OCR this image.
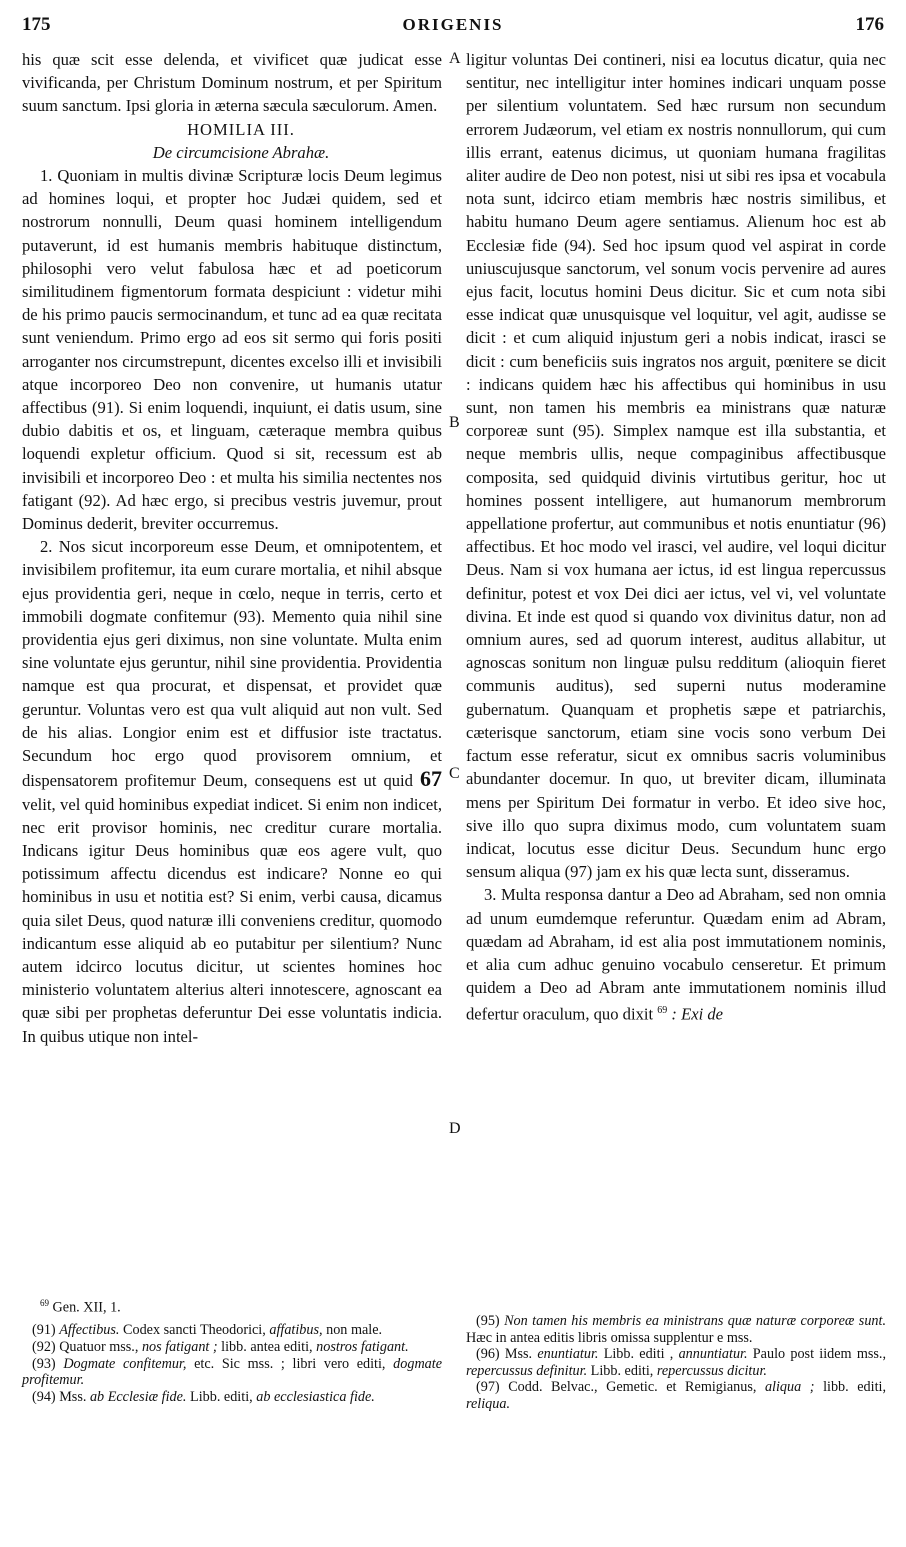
175	ORIGENIS	176

his quæ scit esse delenda, et vivificet quæ judicat esse vivificanda, per Christum Dominum nostrum, et per Spiritum suum sanctum. Ipsi gloria in æterna sæcula sæculorum. Amen.

HOMILIA III.

De circumcisione Abrahæ.

1. Quoniam in multis divinæ Scripturæ locis Deum legimus ad homines loqui, et propter hoc Judæi quidem, sed et nostrorum nonnulli, Deum quasi hominem intelligendum putaverunt, id est humanis membris habituque distinctum, philosophi vero velut fabulosa hæc et ad poeticorum similitudinem figmentorum formata despiciunt : videtur mihi de his primo paucis sermocinandum, et tunc ad ea quæ recitata sunt veniendum. Primo ergo ad eos sit sermo qui foris positi arroganter nos circumstrepunt, dicentes excelso illi et invisibili atque incorporeo Deo non convenire, ut humanis utatur affectibus (91). Si enim loquendi, inquiunt, ei datis usum, sine dubio dabitis et os, et linguam, cæteraque membra quibus loquendi expletur officium. Quod si sit, recessum est ab invisibili et incorporeo Deo : et multa his similia nectentes nos fatigant (92). Ad hæc ergo, si precibus vestris juvemur, prout Dominus dederit, breviter occurremus.

2. Nos sicut incorporeum esse Deum, et omnipotentem, et invisibilem profitemur, ita eum curare mortalia, et nihil absque ejus providentia geri, neque in cœlo, neque in terris, certo et immobili dogmate confitemur (93). Memento quia nihil sine providentia ejus geri diximus, non sine voluntate. Multa enim sine voluntate ejus geruntur, nihil sine providentia. Providentia namque est qua procurat, et dispensat, et providet quæ geruntur. Voluntas vero est qua vult aliquid aut non vult. Sed de his alias. Longior enim est et diffusior iste tractatus. Secundum hoc ergo quod provisorem omnium, et dispensatorem profitemur Deum, consequens est ut quid 67 velit, vel quid hominibus expediat indicet. Si enim non indicet, nec erit provisor hominis, nec creditur curare mortalia. Indicans igitur Deus hominibus quæ eos agere vult, quo potissimum affectu dicendus est indicare? Nonne eo qui hominibus in usu et notitia est? Si enim, verbi causa, dicamus quia silet Deus, quod naturæ illi conveniens creditur, quomodo indicantum esse aliquid ab eo putabitur per silentium? Nunc autem idcirco locutus dicitur, ut scientes homines hoc ministerio voluntatem alterius alteri innotescere, agnoscant ea quæ sibi per prophetas deferuntur Dei esse voluntatis indicia. In quibus utique non intel-

A
B
C
D

ligitur voluntas Dei contineri, nisi ea locutus dicatur, quia nec sentitur, nec intelligitur inter homines indicari unquam posse per silentium voluntatem. Sed hæc rursum non secundum errorem Judæorum, vel etiam ex nostris nonnullorum, qui cum illis errant, eatenus dicimus, ut quoniam humana fragilitas aliter audire de Deo non potest, nisi ut sibi res ipsa et vocabula nota sunt, idcirco etiam membris hæc nostris similibus, et habitu humano Deum agere sentiamus. Alienum hoc est ab Ecclesiæ fide (94). Sed hoc ipsum quod vel aspirat in corde uniuscujusque sanctorum, vel sonum vocis pervenire ad aures ejus facit, locutus homini Deus dicitur. Sic et cum nota sibi esse indicat quæ unusquisque vel loquitur, vel agit, audisse se dicit : et cum aliquid injustum geri a nobis indicat, irasci se dicit : cum beneficiis suis ingratos nos arguit, pœnitere se dicit : indicans quidem hæc his affectibus qui hominibus in usu sunt, non tamen his membris ea ministrans quæ naturæ corporeæ sunt (95). Simplex namque est illa substantia, et neque membris ullis, neque compaginibus affectibusque composita, sed quidquid divinis virtutibus geritur, hoc ut homines possent intelligere, aut humanorum membrorum appellatione profertur, aut communibus et notis enuntiatur (96) affectibus. Et hoc modo vel irasci, vel audire, vel loqui dicitur Deus. Nam si vox humana aer ictus, id est lingua repercussus definitur, potest et vox Dei dici aer ictus, vel vi, vel voluntate divina. Et inde est quod si quando vox divinitus datur, non ad omnium aures, sed ad quorum interest, auditus allabitur, ut agnoscas sonitum non linguæ pulsu redditum (alioquin fieret communis auditus), sed superni nutus moderamine gubernatum. Quanquam et prophetis sæpe et patriarchis, cæterisque sanctorum, etiam sine vocis sono verbum Dei factum esse referatur, sicut ex omnibus sacris voluminibus abundanter docemur. In quo, ut breviter dicam, illuminata mens per Spiritum Dei formatur in verbo. Et ideo sive hoc, sive illo quo supra diximus modo, cum voluntatem suam indicat, locutus esse dicitur Deus. Secundum hunc ergo sensum aliqua (97) jam ex his quæ lecta sunt, disseramus.

3. Multa responsa dantur a Deo ad Abraham, sed non omnia ad unum eumdemque referuntur. Quædam enim ad Abram, quædam ad Abraham, id est alia post immutationem nominis, et alia cum adhuc genuino vocabulo censeretur. Et primum quidem a Deo ad Abram ante immutationem nominis illud defertur oraculum, quo dixit $^{69}$ : Exi de

$^{69}$ Gen. XII, 1.

(91) Affectibus. Codex sancti Theodorici, affatibus, non male.

(92) Quatuor mss., nos fatigant ; libb. antea editi, nostros fatigant.

(93) Dogmate confitemur, etc. Sic mss. ; libri vero editi, dogmate profitemur.

(94) Mss. ab Ecclesiæ fide. Libb. editi, ab ecclesiastica fide.

(95) Non tamen his membris ea ministrans quæ naturæ corporeæ sunt. Hæc in antea editis libris omissa supplentur e mss.

(96) Mss. enuntiatur. Libb. editi , annuntiatur. Paulo post iidem mss., repercussus definitur. Libb. editi, repercussus dicitur.

(97) Codd. Belvac., Gemetic. et Remigianus, aliqua ; libb. editi, reliqua.
